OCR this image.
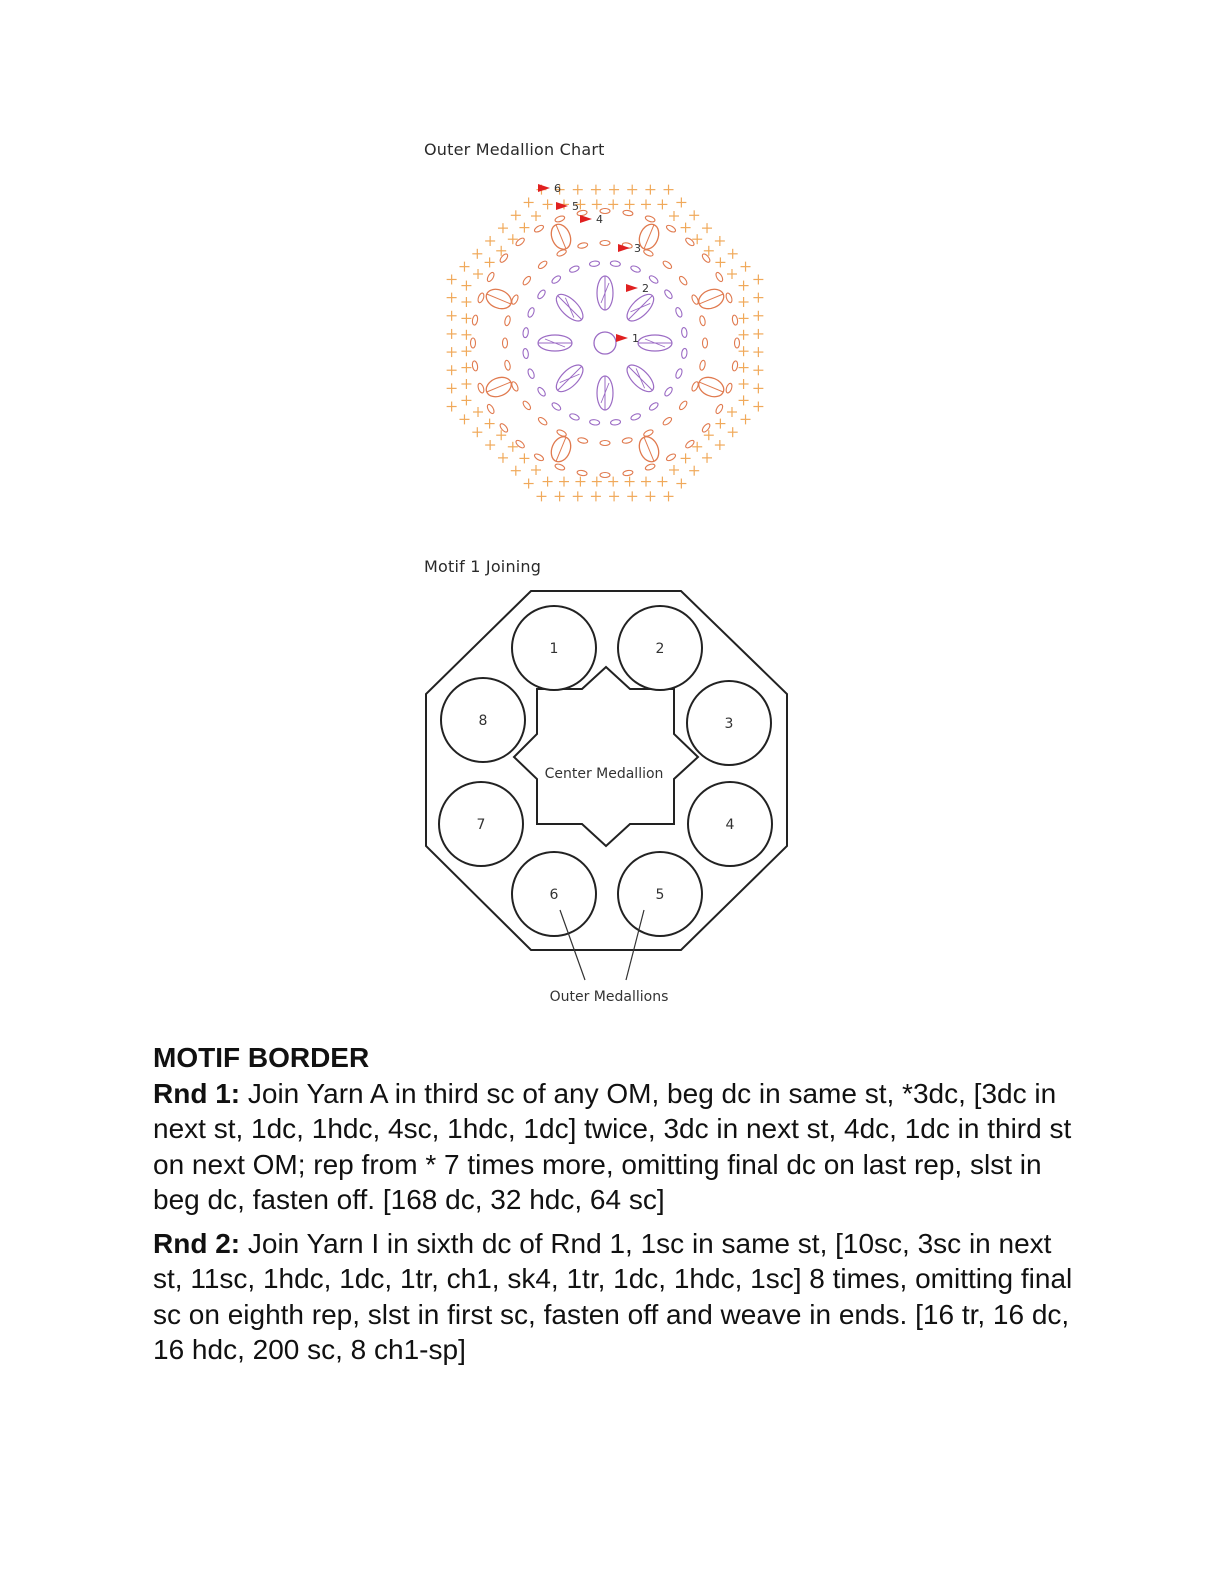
Outer Medallion Chart
1
2
3
4
5
6
Motif 1 Joining
Center Medallion
1	2
3
4
5
6
7
8
Outer Medallions

MOTIF BORDER

Rnd 1: Join Yarn A in third sc of any OM, beg dc in same st, *3dc, [3dc in next st, 1dc, 1hdc, 4sc, 1hdc, 1dc] twice, 3dc in next st, 4dc, 1dc in third st on next OM; rep from * 7 times more, omitting final dc on last rep, slst in beg dc, fasten off. [168 dc, 32 hdc, 64 sc]

Rnd 2: Join Yarn I in sixth dc of Rnd 1, 1sc in same st, [10sc, 3sc in next st, 11sc, 1hdc, 1dc, 1tr, ch1, sk4, 1tr, 1dc, 1hdc, 1sc] 8 times, omitting final sc on eighth rep, slst in first sc, fasten off and weave in ends. [16 tr, 16 dc, 16 hdc, 200 sc, 8 ch1-sp]
